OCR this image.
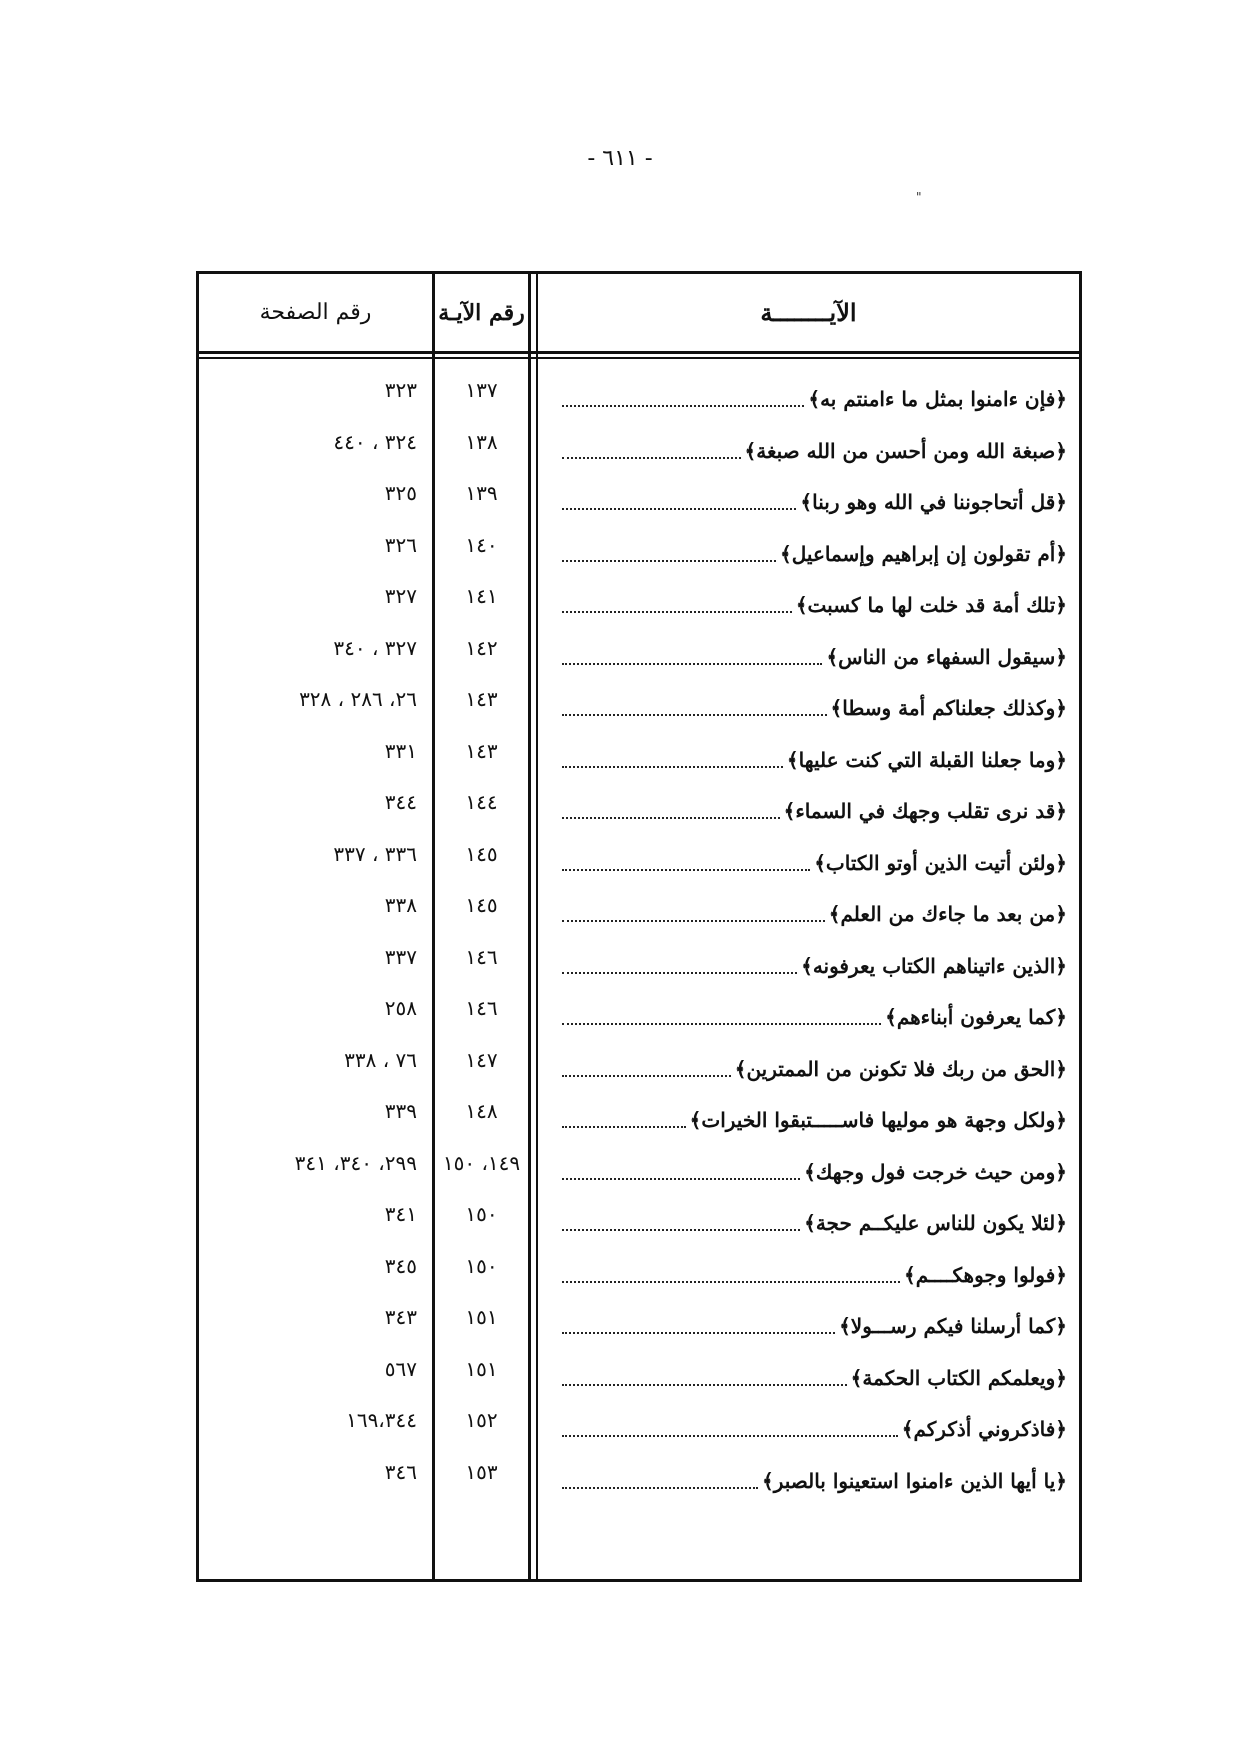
- ٦١١ -
"
رقم الصفحة	رقم الآيـة	الآيــــــــة
٣٢٣	١٣٧	﴿فإن ءامنوا بمثل ما ءامنتم به﴾
٣٢٤ ، ٤٤٠	١٣٨	﴿صبغة الله ومن أحسن من الله صبغة﴾
٣٢٥	١٣٩	﴿قل أتحاجوننا في الله وهو ربنا﴾
٣٢٦	١٤٠	﴿أم تقولون إن إبراهيم وإسماعيل﴾
٣٢٧	١٤١	﴿تلك أمة قد خلت لها ما كسبت﴾
٣٢٧ ، ٣٤٠	١٤٢	﴿سيقول السفهاء من الناس﴾
٢٦، ٢٨٦ ، ٣٢٨	١٤٣	﴿وكذلك جعلناكم أمة وسطا﴾
٣٣١	١٤٣	﴿وما جعلنا القبلة التي كنت عليها﴾
٣٤٤	١٤٤	﴿قد نرى تقلب وجهك في السماء﴾
٣٣٦ ، ٣٣٧	١٤٥	﴿ولئن أتيت الذين أوتو الكتاب﴾
٣٣٨	١٤٥	﴿من بعد ما جاءك من العلم﴾
٣٣٧	١٤٦	﴿الذين ءاتيناهم الكتاب يعرفونه﴾
٢٥٨	١٤٦	﴿كما يعرفون أبناءهم﴾
٧٦ ، ٣٣٨	١٤٧	﴿الحق من ربك فلا تكونن من الممترين﴾
٣٣٩	١٤٨	﴿ولكل وجهة هو موليها فاســـــتبقوا الخيرات﴾
٢٩٩، ٣٤٠، ٣٤١	١٤٩، ١٥٠	﴿ومن حيث خرجت فول وجهك﴾
٣٤١	١٥٠	﴿لئلا يكون للناس عليكــم حجة﴾
٣٤٥	١٥٠	﴿فولوا وجوهكــــم﴾
٣٤٣	١٥١	﴿كما أرسلنا فيكم رســـولا﴾
٥٦٧	١٥١	﴿ويعلمكم الكتاب الحكمة﴾
١٦٩،٣٤٤	١٥٢	﴿فاذكروني أذكركم﴾
٣٤٦	١٥٣	﴿يا أيها الذين ءامنوا استعينوا بالصبر﴾
